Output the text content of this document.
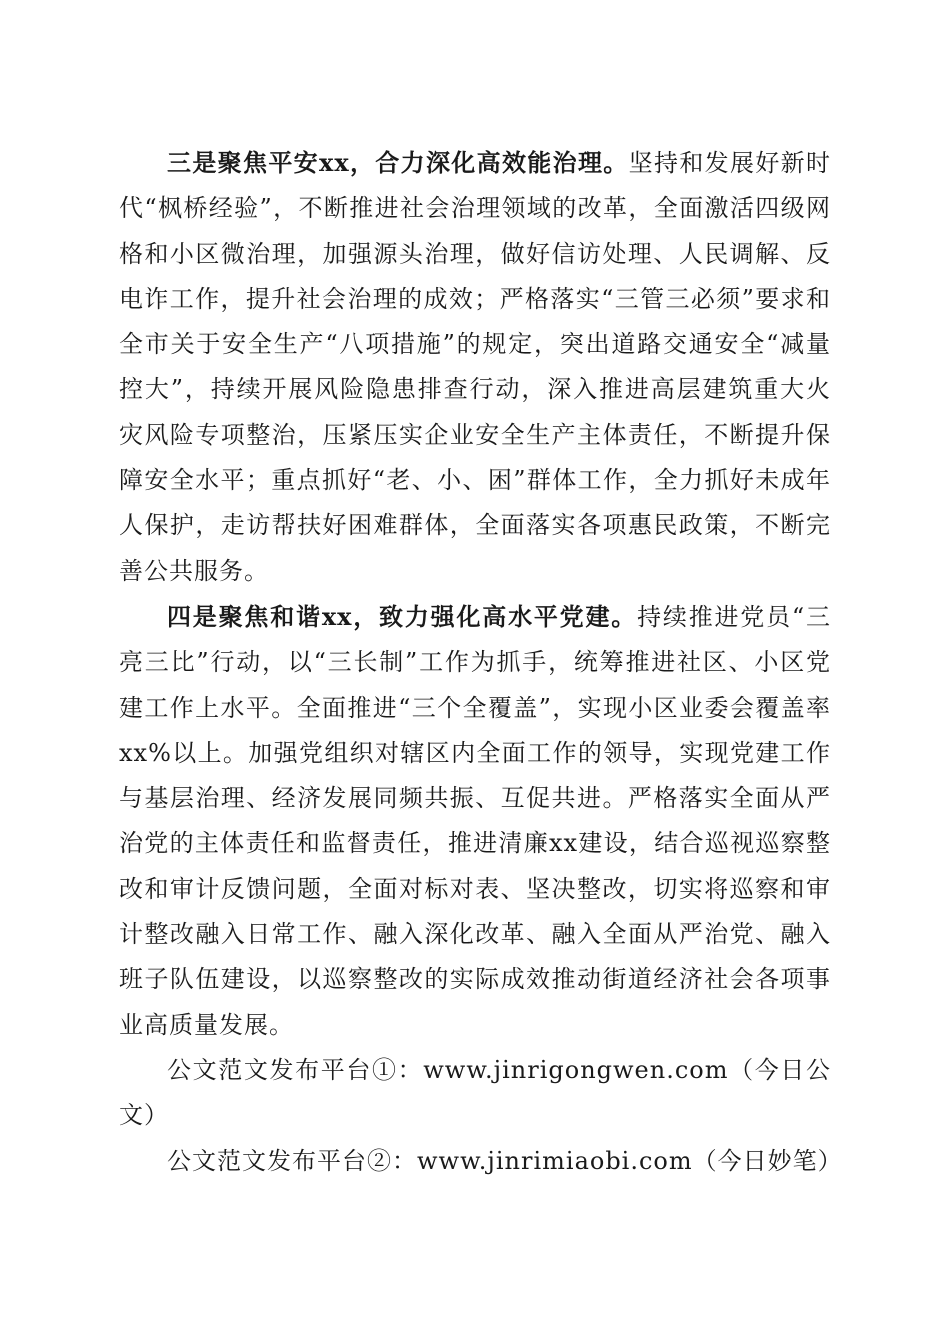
三是聚焦平安xx，合力深化高效能治理。坚持和发展好新时代“枫桥经验”，不断推进社会治理领域的改革，全面激活四级网格和小区微治理，加强源头治理，做好信访处理、人民调解、反电诈工作，提升社会治理的成效；严格落实“三管三必须”要求和全市关于安全生产“八项措施”的规定，突出道路交通安全“减量控大”，持续开展风险隐患排查行动，深入推进高层建筑重大火灾风险专项整治，压紧压实企业安全生产主体责任，不断提升保障安全水平；重点抓好“老、小、困”群体工作，全力抓好未成年人保护，走访帮扶好困难群体，全面落实各项惠民政策，不断完善公共服务。

四是聚焦和谐xx，致力强化高水平党建。持续推进党员“三亮三比”行动，以“三长制”工作为抓手，统筹推进社区、小区党建工作上水平。全面推进“三个全覆盖”，实现小区业委会覆盖率xx%以上。加强党组织对辖区内全面工作的领导，实现党建工作与基层治理、经济发展同频共振、互促共进。严格落实全面从严治党的主体责任和监督责任，推进清廉xx建设，结合巡视巡察整改和审计反馈问题，全面对标对表、坚决整改，切实将巡察和审计整改融入日常工作、融入深化改革、融入全面从严治党、融入班子队伍建设，以巡察整改的实际成效推动街道经济社会各项事业高质量发展。

公文范文发布平台①：www.jinrigongwen.com（今日公文）

公文范文发布平台②：www.jinrimiaobi.com（今日妙笔）
